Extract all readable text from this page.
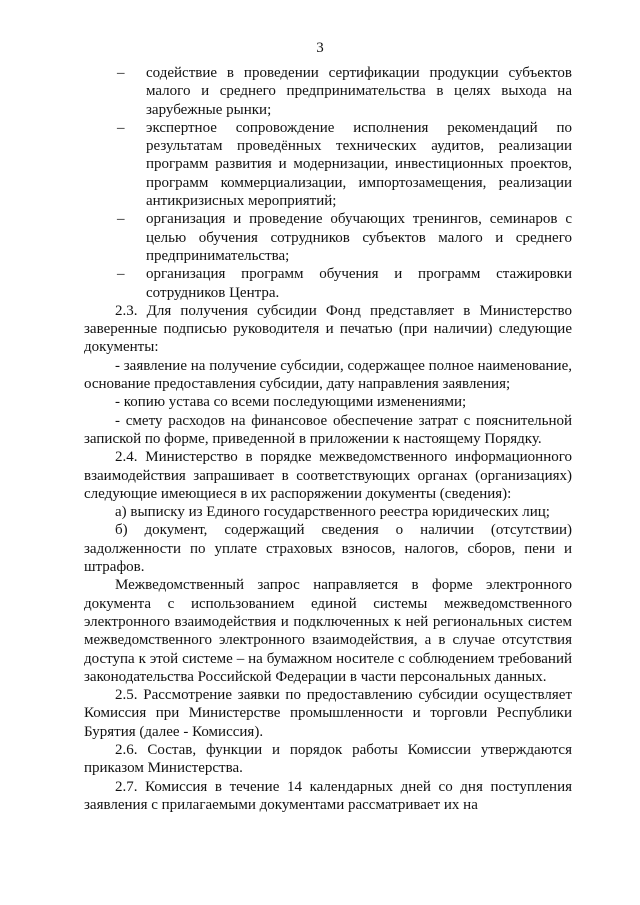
3

– содействие в проведении сертификации продукции субъектов малого и среднего предпринимательства в целях выхода на зарубежные рынки;

– экспертное сопровождение исполнения рекомендаций по результатам проведённых технических аудитов, реализации программ развития и модернизации, инвестиционных проектов, программ коммерциализации, импортозамещения, реализации антикризисных мероприятий;

– организация и проведение обучающих тренингов, семинаров с целью обучения сотрудников субъектов малого и среднего предпринимательства;

– организация программ обучения и программ стажировки сотрудников Центра.

2.3. Для получения субсидии Фонд представляет в Министерство заверенные подписью руководителя и печатью (при наличии) следующие документы:

- заявление на получение субсидии, содержащее полное наименование, основание предоставления субсидии, дату направления заявления;

- копию устава со всеми последующими изменениями;

- смету расходов на финансовое обеспечение затрат с пояснительной запиской по форме, приведенной в приложении к настоящему Порядку.

2.4. Министерство в порядке межведомственного информационного взаимодействия запрашивает в соответствующих органах (организациях) следующие имеющиеся в их распоряжении документы (сведения):

а) выписку из Единого государственного реестра юридических лиц;

б) документ, содержащий сведения о наличии (отсутствии) задолженности по уплате страховых взносов, налогов, сборов, пени и штрафов.

Межведомственный запрос направляется в форме электронного документа с использованием единой системы межведомственного электронного взаимодействия и подключенных к ней региональных систем межведомственного электронного взаимодействия, а в случае отсутствия доступа к этой системе – на бумажном носителе с соблюдением требований законодательства Российской Федерации в части персональных данных.

2.5. Рассмотрение заявки по предоставлению субсидии осуществляет Комиссия при Министерстве промышленности и торговли Республики Бурятия (далее - Комиссия).

2.6. Состав, функции и порядок работы Комиссии утверждаются приказом Министерства.

2.7. Комиссия в течение 14 календарных дней со дня поступления заявления с прилагаемыми документами рассматривает их на
